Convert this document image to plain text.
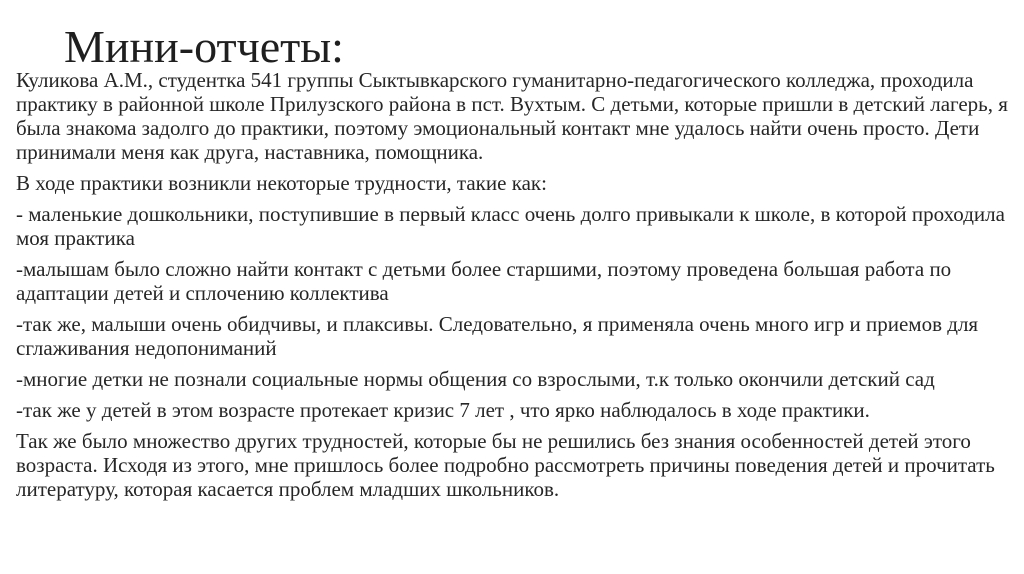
Мини-отчеты:

Куликова А.М., студентка 541 группы Сыктывкарского гуманитарно-педагогического колледжа, проходила практику в районной школе Прилузского района в пст. Вухтым. С детьми, которые пришли в детский лагерь, я была знакома задолго до практики, поэтому эмоциональный контакт мне удалось найти очень просто. Дети принимали меня как друга, наставника, помощника.

В ходе практики возникли некоторые трудности, такие как:

- маленькие дошкольники, поступившие в первый класс очень долго привыкали к школе, в которой проходила моя практика

-малышам было сложно найти контакт с детьми более старшими, поэтому проведена большая работа по адаптации детей и сплочению коллектива

-так же, малыши очень обидчивы, и плаксивы. Следовательно, я применяла очень много игр и приемов для сглаживания недопониманий

-многие детки не познали социальные нормы общения со взрослыми, т.к только окончили детский сад

-так же у детей в этом возрасте протекает кризис 7 лет , что ярко наблюдалось в ходе практики.

Так же было множество других трудностей, которые бы не решились без знания особенностей детей этого возраста. Исходя из этого, мне пришлось более подробно рассмотреть причины поведения детей и прочитать литературу, которая касается проблем младших школьников.
